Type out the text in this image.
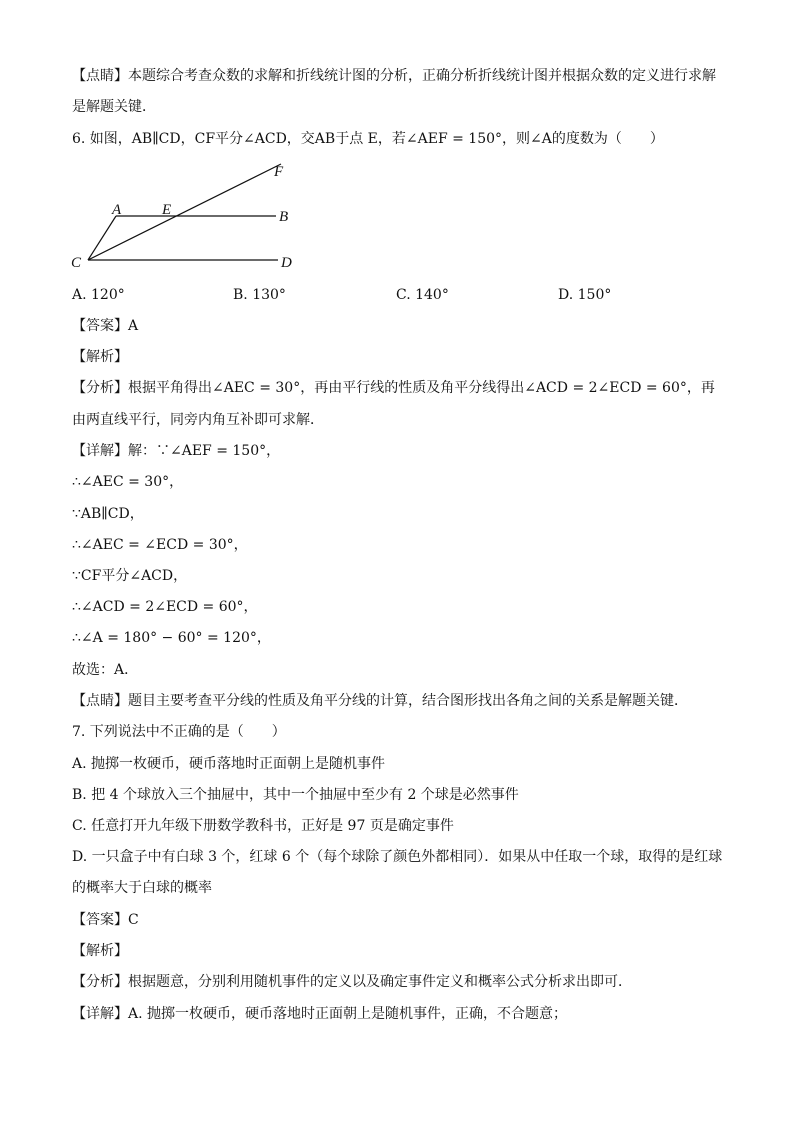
【点睛】本题综合考查众数的求解和折线统计图的分析，正确分析折线统计图并根据众数的定义进行求解
是解题关键．
6. 如图，AB∥CD，CF平分∠ACD，交AB于点 E，若∠AEF = 150°，则∠A的度数为（　　）
A	E	B
C	D
F
A. 120°	B. 130°	C. 140°	D. 150°
【答案】A
【解析】
【分析】根据平角得出∠AEC = 30°，再由平行线的性质及角平分线得出∠ACD = 2∠ECD = 60°，再
由两直线平行，同旁内角互补即可求解．
【详解】解：∵∠AEF = 150°，
∴∠AEC = 30°，
∵AB∥CD，
∴∠AEC = ∠ECD = 30°，
∵CF平分∠ACD，
∴∠ACD = 2∠ECD = 60°，
∴∠A = 180° − 60° = 120°，
故选：A．
【点睛】题目主要考查平分线的性质及角平分线的计算，结合图形找出各角之间的关系是解题关键．
7. 下列说法中不正确的是（　　）
A. 抛掷一枚硬币，硬币落地时正面朝上是随机事件
B. 把 4 个球放入三个抽屉中，其中一个抽屉中至少有 2 个球是必然事件
C. 任意打开九年级下册数学教科书，正好是 97 页是确定事件
D. 一只盒子中有白球 3 个，红球 6 个（每个球除了颜色外都相同）．如果从中任取一个球，取得的是红球
的概率大于白球的概率
【答案】C
【解析】
【分析】根据题意，分别利用随机事件的定义以及确定事件定义和概率公式分析求出即可．
【详解】A. 抛掷一枚硬币，硬币落地时正面朝上是随机事件，正确，不合题意；
